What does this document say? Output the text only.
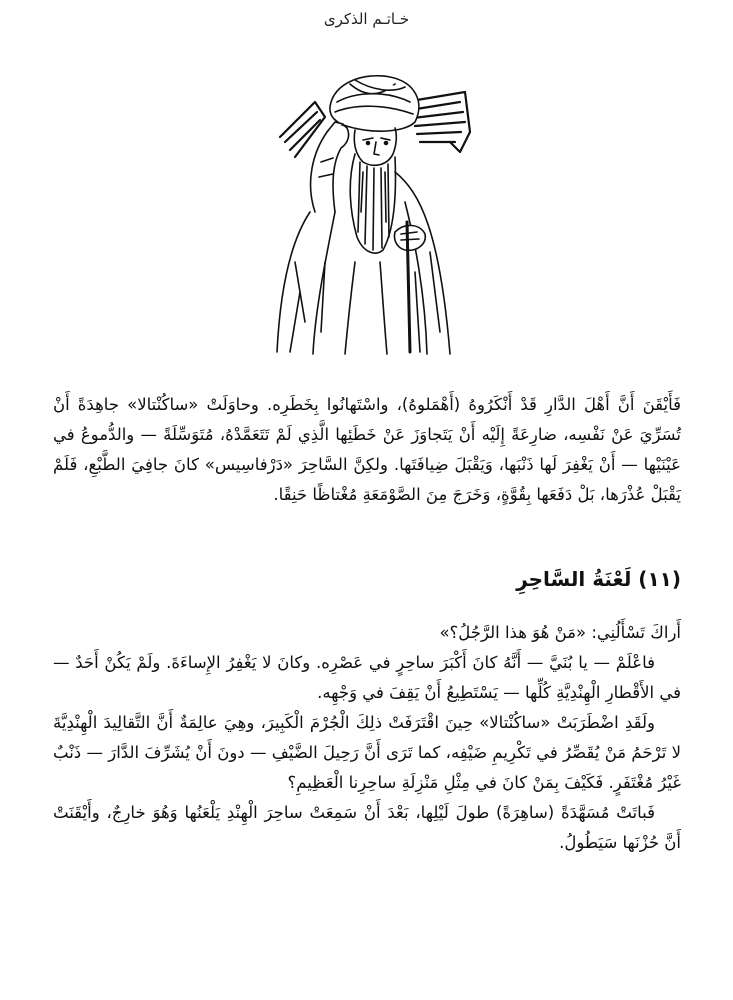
خـاتـم الذكرى

فَأَيْقَنَ أَنَّ أَهْلَ الدَّارِ قَدْ أَنْكَرُوهُ (أَهْمَلوهُ)، واسْتَهانُوا بِخَطَرِه. وحاوَلَتْ «ساكُنْتالا» جاهِدَةً أَنْ تُسَرِّيَ عَنْ نَفْسِه، ضارِعَةً إِلَيْه أَنْ يَتَجاوَزَ عَنْ خَطَئِها الَّذِي لَمْ تَتَعَمَّدْهُ، مُتَوَسِّلَةً — والدُّموعُ في عَيْنَيْها — أَنْ يَغْفِرَ لَها ذَنْبَها، وَيَقْبَلَ ضِيافَتَها. ولكِنَّ السَّاحِرَ «دَرْفاسِيس» كانَ جافِيَ الطَّبْعِ، فَلَمْ يَقْبَلْ عُذْرَها، بَلْ دَفَعَها بِقُوَّةٍ، وَخَرَجَ مِنَ الصَّوْمَعَةِ مُغْتاظًا حَنِقًا.

(١١) لَعْنَةُ السَّاحِرِ

أَراكَ تَسْأَلُنِي: «مَنْ هُوَ هذا الرَّجُلُ؟»

فاعْلَمْ — يا بُنَيَّ — أَنَّهُ كانَ أَكْبَرَ ساحِرٍ في عَصْرِه. وكانَ لا يَغْفِرُ الإِساءَةَ. ولَمْ يَكُنْ أَحَدٌ — في الأَقْطارِ الْهِنْدِيَّةِ كُلِّها — يَسْتَطِيعُ أَنْ يَقِفَ في وَجْهِه.

ولَقَدِ اضْطَرَبَتْ «ساكُنْتالا» حِينَ اقْتَرَفَتْ ذلِكَ الْجُرْمَ الْكَبِيرَ، وهِيَ عالِمَةٌ أَنَّ التَّقالِيدَ الْهِنْدِيَّةَ لا تَرْحَمُ مَنْ يُقَصِّرُ في تَكْرِيمِ ضَيْفِه، كما تَرَى أَنَّ رَحِيلَ الضَّيْفِ — دونَ أَنْ يُشَرِّفَ الدَّارَ — ذَنْبٌ غَيْرُ مُغْتَفَرٍ. فَكَيْفَ بِمَنْ كانَ في مِثْلِ مَنْزِلَةِ ساحِرِنا الْعَظِيمِ؟

فَباتَتْ مُسَهَّدَةً (ساهِرَةً) طولَ لَيْلِها، بَعْدَ أَنْ سَمِعَتْ ساحِرَ الْهِنْدِ يَلْعَنُها وَهُوَ خارِجٌ، وأَيْقَنَتْ أَنَّ حُزْنَها سَيَطُولُ.
